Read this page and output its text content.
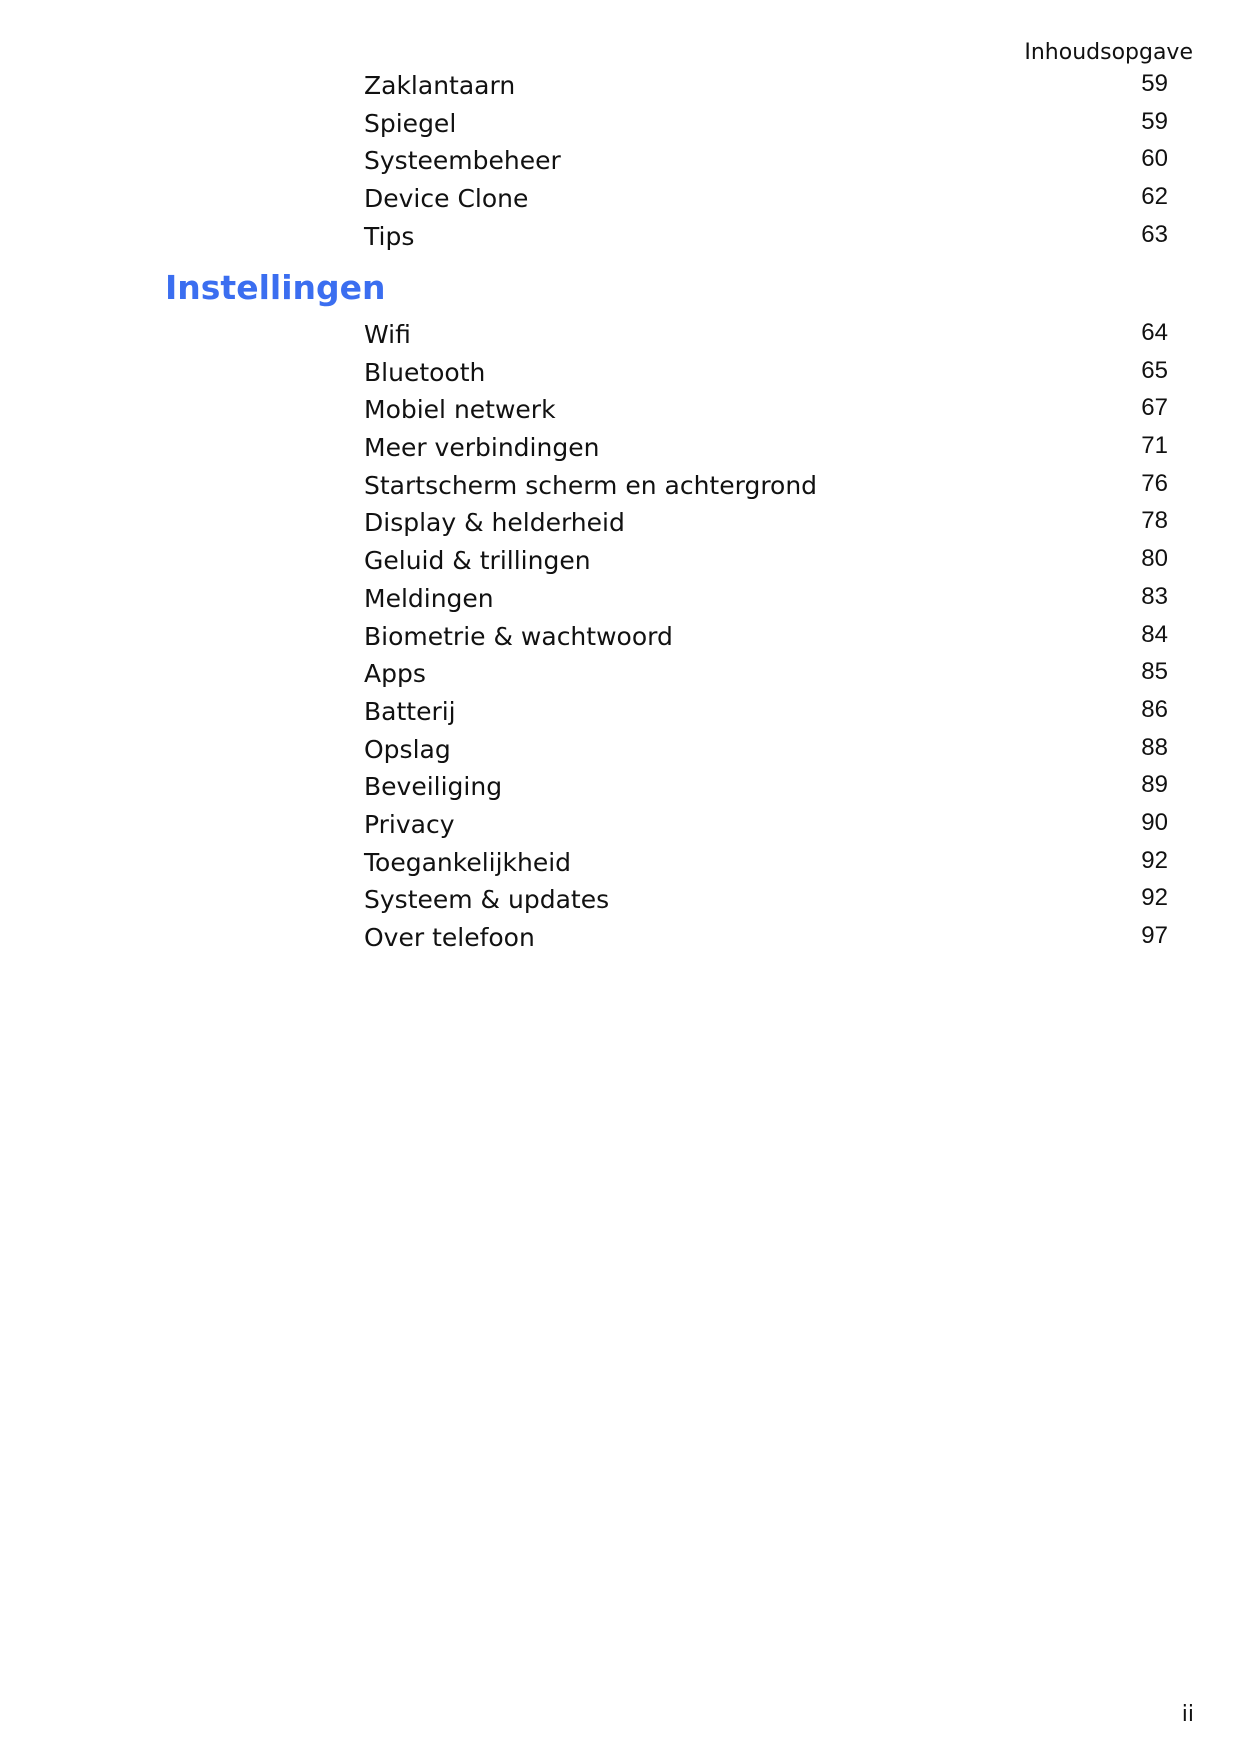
Inhoudsopgave
Zaklantaarn	59
Spiegel	59
Systeembeheer	60
Device Clone	62
Tips	63
Instellingen
Wifi	64
Bluetooth	65
Mobiel netwerk	67
Meer verbindingen	71
Startscherm scherm en achtergrond	76
Display & helderheid	78
Geluid & trillingen	80
Meldingen	83
Biometrie & wachtwoord	84
Apps	85
Batterij	86
Opslag	88
Beveiliging	89
Privacy	90
Toegankelijkheid	92
Systeem & updates	92
Over telefoon	97
ii
